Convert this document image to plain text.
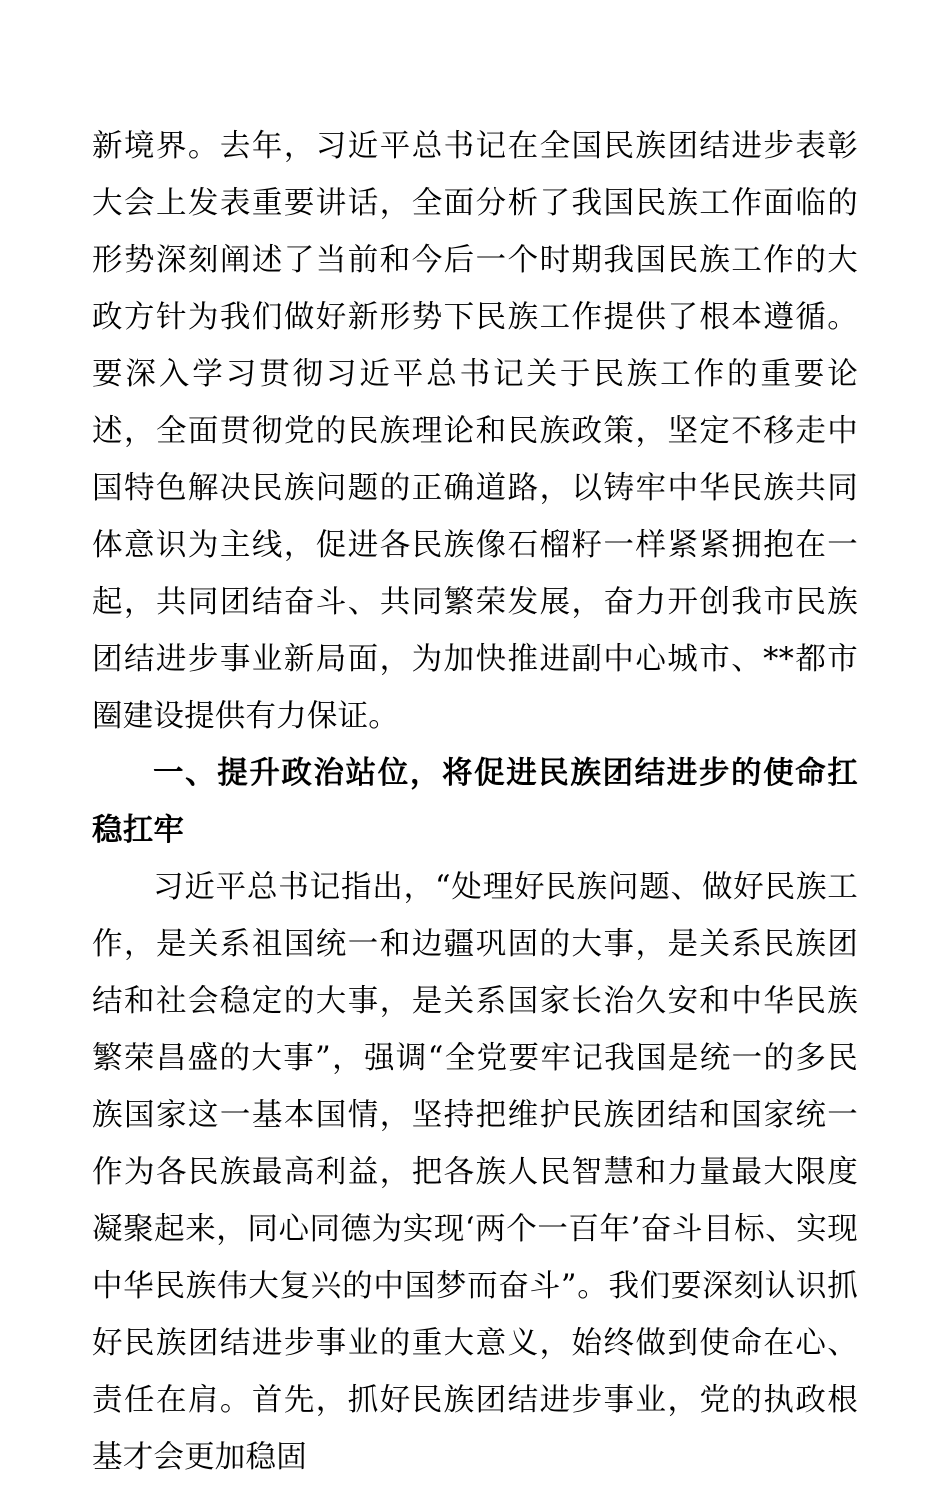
新境界。去年，习近平总书记在全国民族团结进步表彰大会上发表重要讲话，全面分析了我国民族工作面临的形势深刻阐述了当前和今后一个时期我国民族工作的大政方针为我们做好新形势下民族工作提供了根本遵循。要深入学习贯彻习近平总书记关于民族工作的重要论述，全面贯彻党的民族理论和民族政策，坚定不移走中国特色解决民族问题的正确道路，以铸牢中华民族共同体意识为主线，促进各民族像石榴籽一样紧紧拥抱在一起，共同团结奋斗、共同繁荣发展，奋力开创我市民族团结进步事业新局面，为加快推进副中心城市、**都市圈建设提供有力保证。

一、提升政治站位，将促进民族团结进步的使命扛稳扛牢

习近平总书记指出，“处理好民族问题、做好民族工作，是关系祖国统一和边疆巩固的大事，是关系民族团结和社会稳定的大事，是关系国家长治久安和中华民族繁荣昌盛的大事”，强调“全党要牢记我国是统一的多民族国家这一基本国情，坚持把维护民族团结和国家统一作为各民族最高利益，把各族人民智慧和力量最大限度凝聚起来，同心同德为实现‘两个一百年’奋斗目标、实现中华民族伟大复兴的中国梦而奋斗”。我们要深刻认识抓好民族团结进步事业的重大意义，始终做到使命在心、责任在肩。首先，抓好民族团结进步事业，党的执政根基才会更加稳固
